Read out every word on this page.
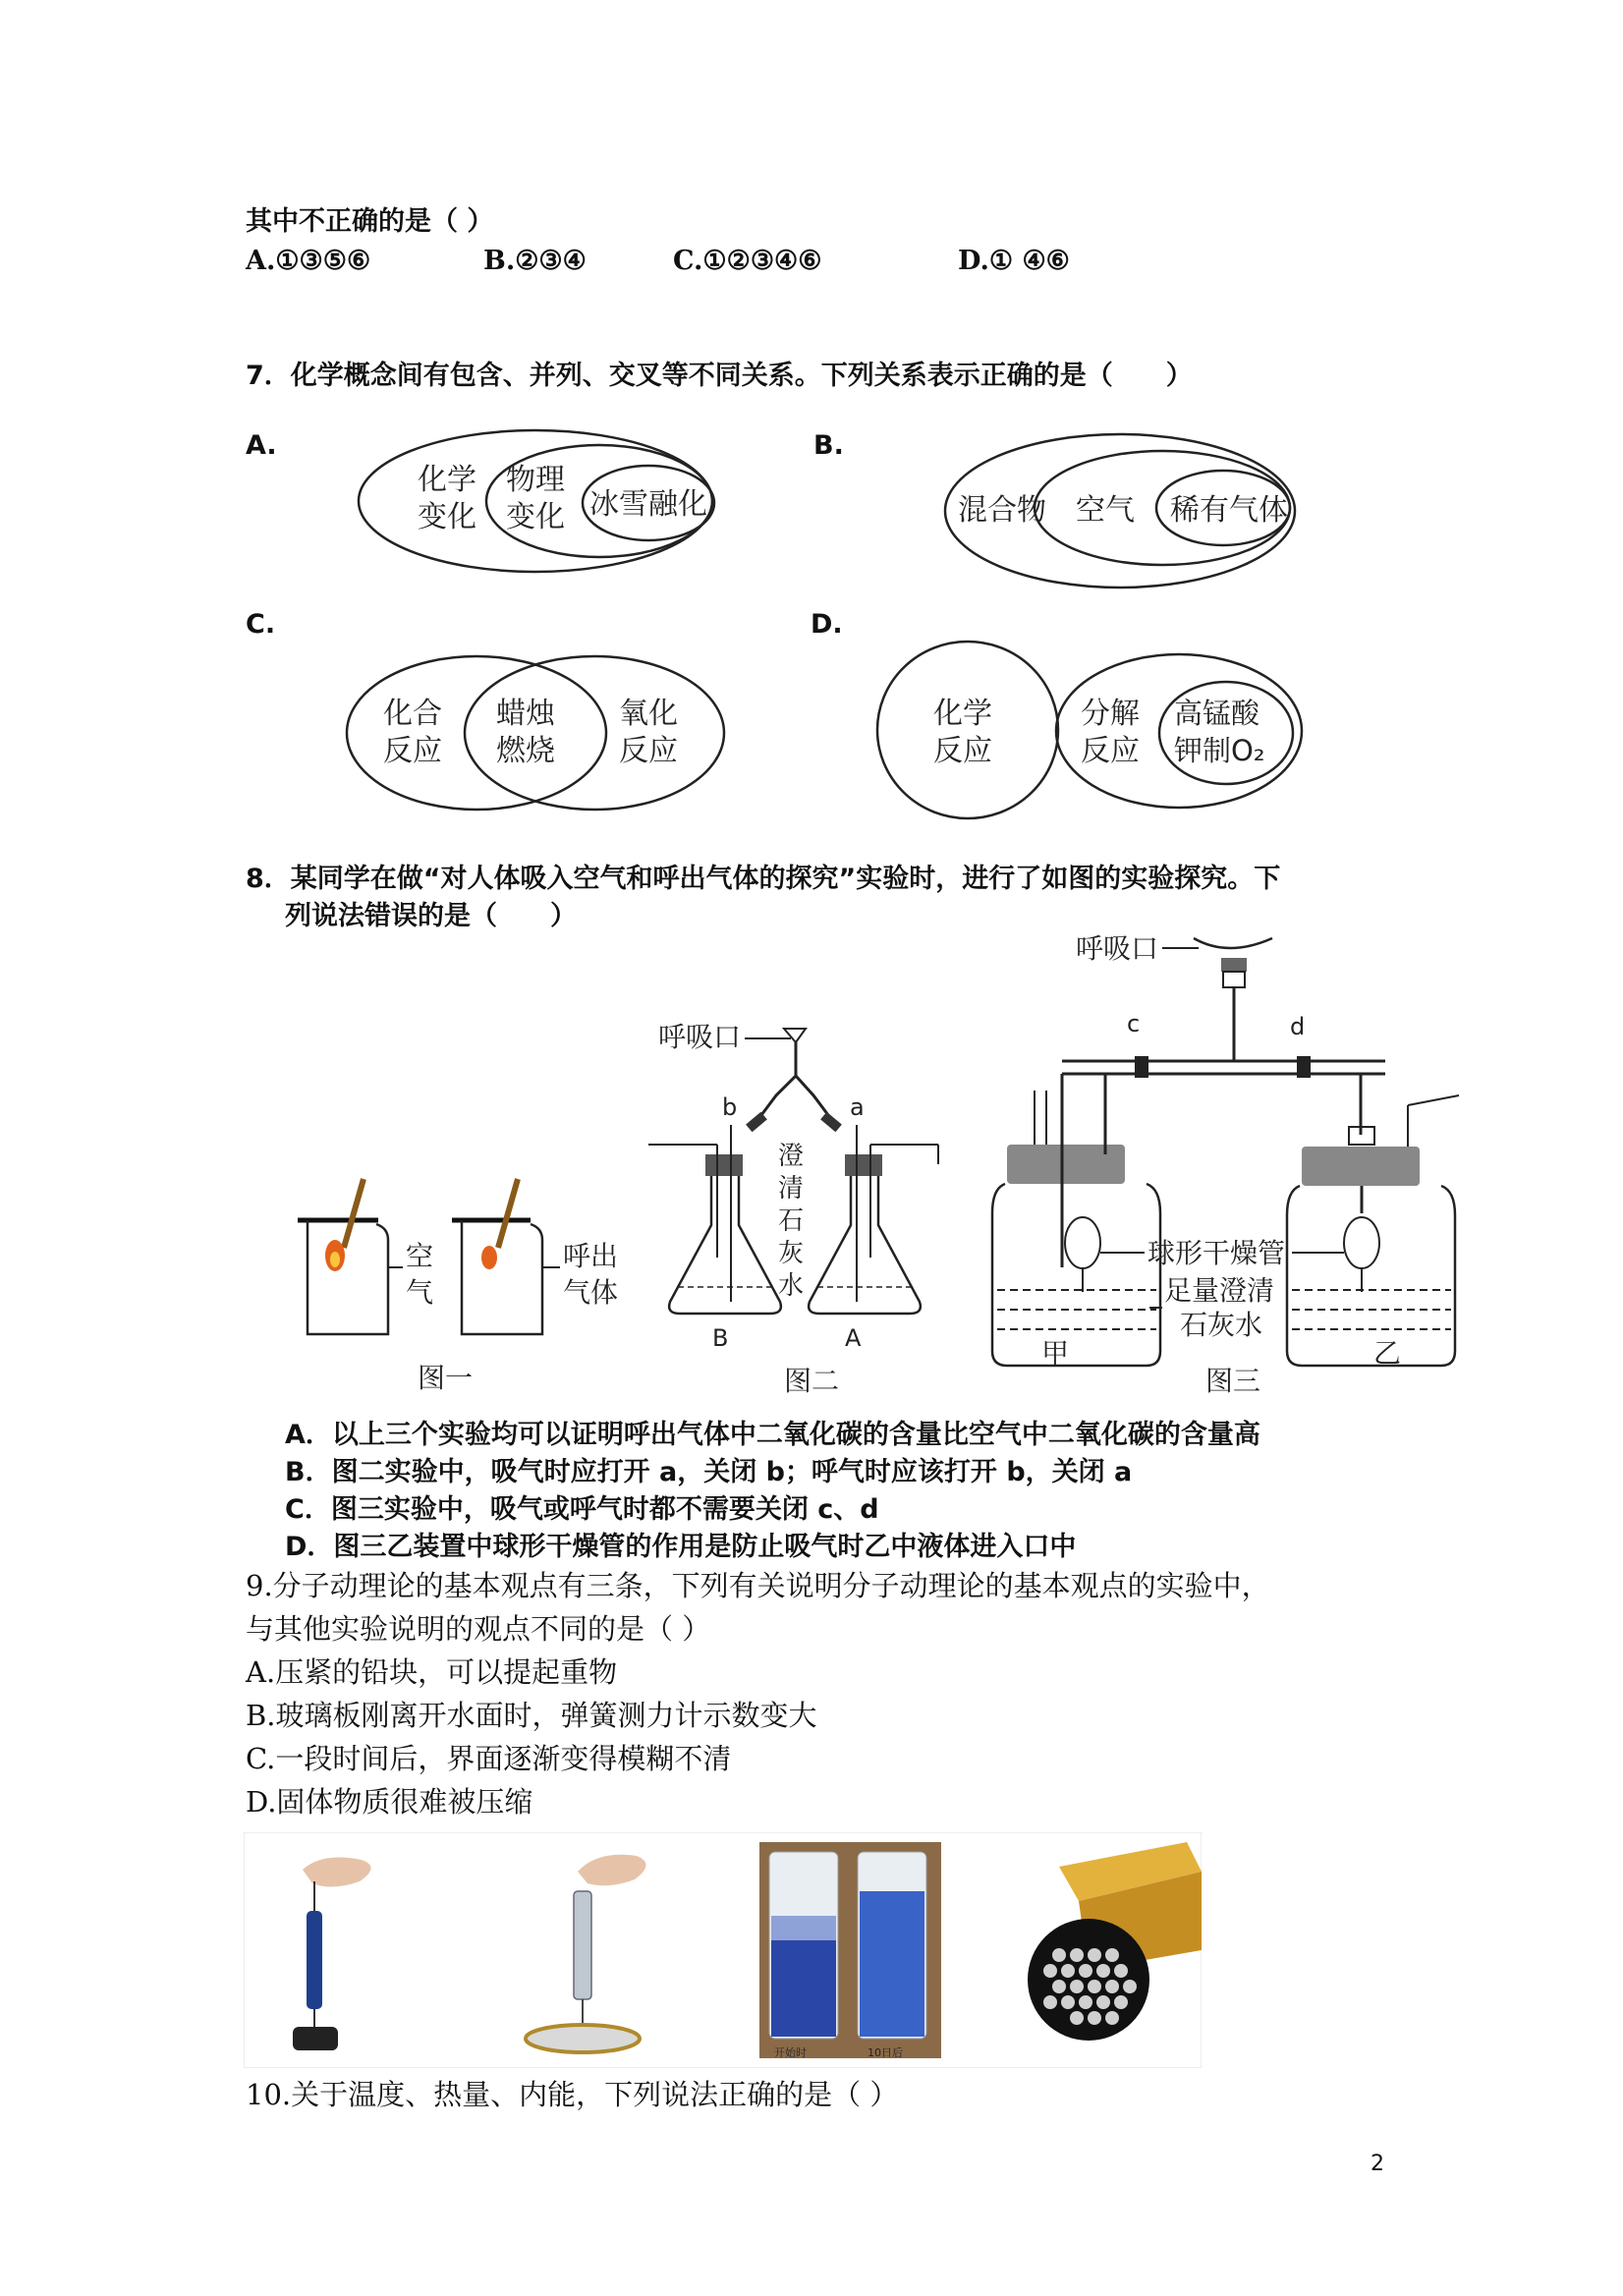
其中不正确的是（ ）
A.①③⑤⑥	B.②③④	C.①②③④⑥	D.① ④⑥
7．化学概念间有包含、并列、交叉等不同关系。下列关系表示正确的是（　　）
A.	B.
C.	D.
化学
变化
物理
变化 冰雪融化	混合物 空气 稀有气体
化合
反应
蜡烛
燃烧
氧化
反应
化学
反应
分解
反应
高锰酸
钾制O₂
8．某同学在做“对人体吸入空气和呼出气体的探究”实验时，进行了如图的实验探究。下
列说法错误的是（　　）
空
气
呼出
气体
图一
呼吸口
b	a
澄
清
石
灰
水
B	A
图二
呼吸口
c	d
球形干燥管
足量澄清
石灰水
甲	乙
图三
A．以上三个实验均可以证明呼出气体中二氧化碳的含量比空气中二氧化碳的含量高
B．图二实验中，吸气时应打开 a，关闭 b；呼气时应该打开 b，关闭 a
C．图三实验中，吸气或呼气时都不需要关闭 c、d
D．图三乙装置中球形干燥管的作用是防止吸气时乙中液体进入口中
9.分子动理论的基本观点有三条，下列有关说明分子动理论的基本观点的实验中，
与其他实验说明的观点不同的是（ ）
A.压紧的铅块，可以提起重物
B.玻璃板刚离开水面时，弹簧测力计示数变大
C.一段时间后，界面逐渐变得模糊不清
D.固体物质很难被压缩
开始时	10日后
10.关于温度、热量、内能，下列说法正确的是（ ）
2
